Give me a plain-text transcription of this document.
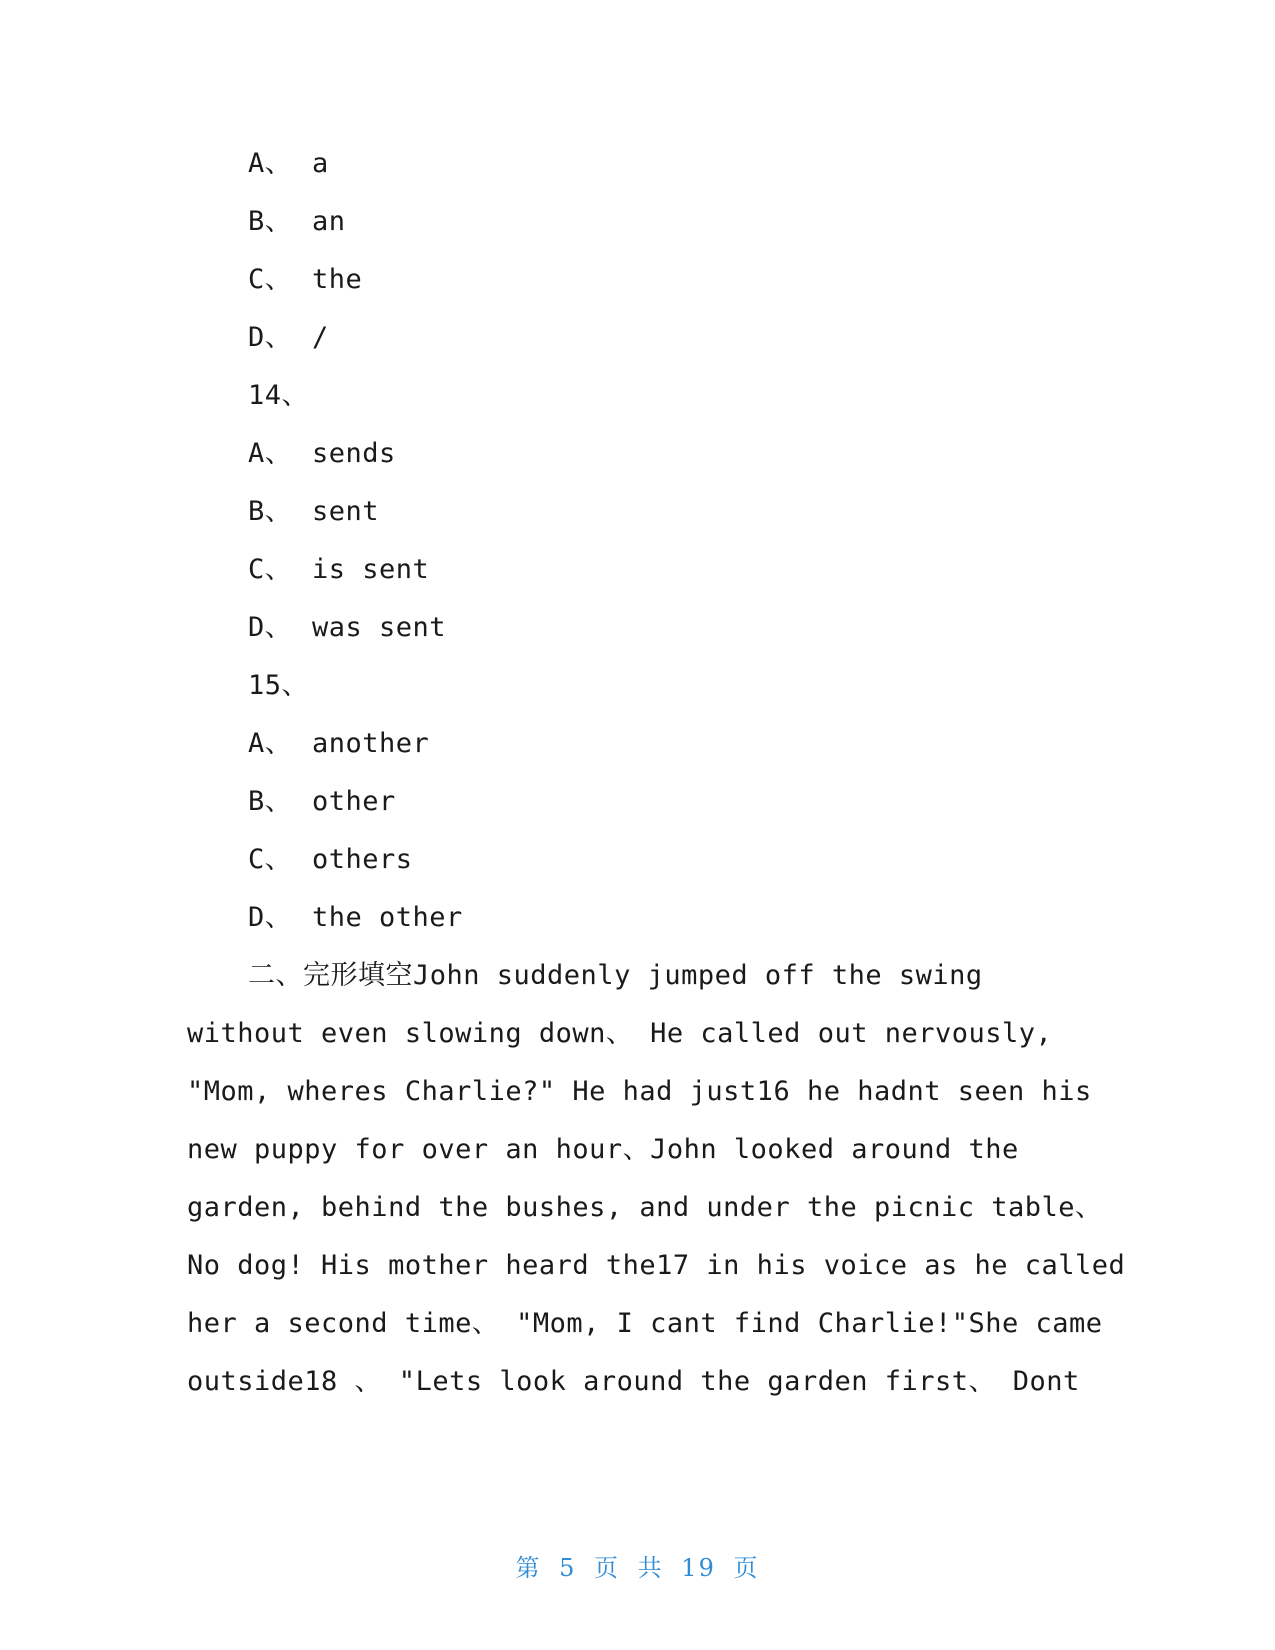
A、 a
B、 an
C、 the
D、 /
14、
A、 sends
B、 sent
C、 is sent
D、 was sent
15、
A、 another
B、 other
C、 others
D、 the other
二、完形填空John suddenly jumped off the swing
without even slowing down、 He called out nervously,
"Mom, wheres Charlie?" He had just16 he hadnt seen his
new puppy for over an hour、John looked around the
garden, behind the bushes, and under the picnic table、
No dog! His mother heard the17 in his voice as he called
her a second time、 "Mom, I cant find Charlie!"She came
outside18 、 "Lets look around the garden first、 Dont
第 5 页 共 19 页
